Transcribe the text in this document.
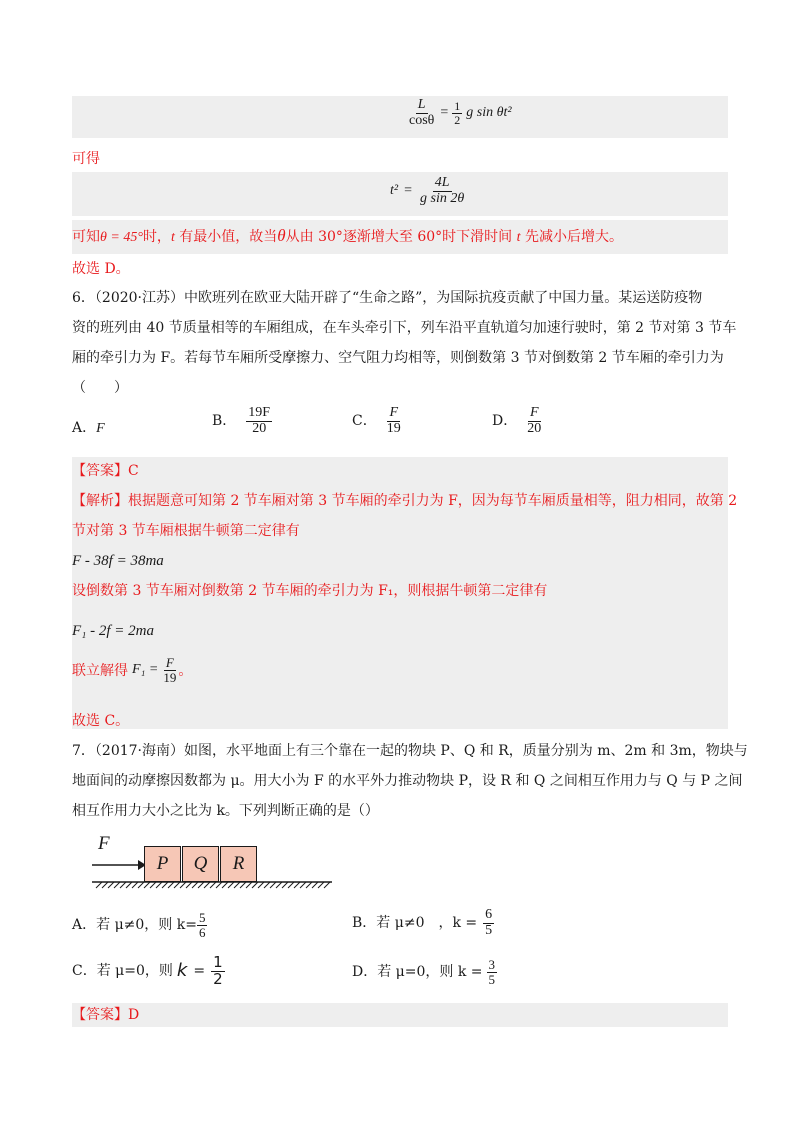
$\frac{L}{\cos\theta} = \frac{1}{2}$ g sin θt²
可得
$t^2 = \frac{4L}{\text{g sin 2θ}}$
可知θ = 45°时，t 有最小值，故当θ从由 30°逐渐增大至 60°时下滑时间 t 先减小后增大。
故选 D。
6．（2020·江苏）中欧班列在欧亚大陆开辟了“生命之路”，为国际抗疫贡献了中国力量。某运送防疫物
资的班列由 40 节质量相等的车厢组成，在车头牵引下，列车沿平直轨道匀加速行驶时，第 2 节对第 3 节车
厢的牵引力为 F。若每节车厢所受摩擦力、空气阻力均相等，则倒数第 3 节对倒数第 2 节车厢的牵引力为
（　　）
A．F	B． $\frac{19F}{20}$	C． $\frac{F}{19}$	D． $\frac{F}{20}$
【答案】C
【解析】根据题意可知第 2 节车厢对第 3 节车厢的牵引力为 F，因为每节车厢质量相等，阻力相同，故第 2
节对第 3 节车厢根据牛顿第二定律有
F - 38f = 38ma
设倒数第 3 节车厢对倒数第 2 节车厢的牵引力为 F₁，则根据牛顿第二定律有
F₁ - 2f = 2ma
联立解得 $F_1 = \frac{F}{19}$ 。
故选 C。
7．（2017·海南）如图，水平地面上有三个靠在一起的物块 P、Q 和 R，质量分别为 m、2m 和 3m，物块与
地面间的动摩擦因数都为 μ。用大小为 F 的水平外力推动物块 P，设 R 和 Q 之间相互作用力与 Q 与 P 之间
相互作用力大小之比为 k。下列判断正确的是（）
F
P	Q	R
A． 若 μ≠0，则 $k= \frac{5}{6}$	B． 若 μ≠0　，$k = \frac{6}{5}$
C． 若 μ=0，则 $k = \frac{1}{2}$	D． 若 μ=0，则 $k = \frac{3}{5}$
【答案】D
